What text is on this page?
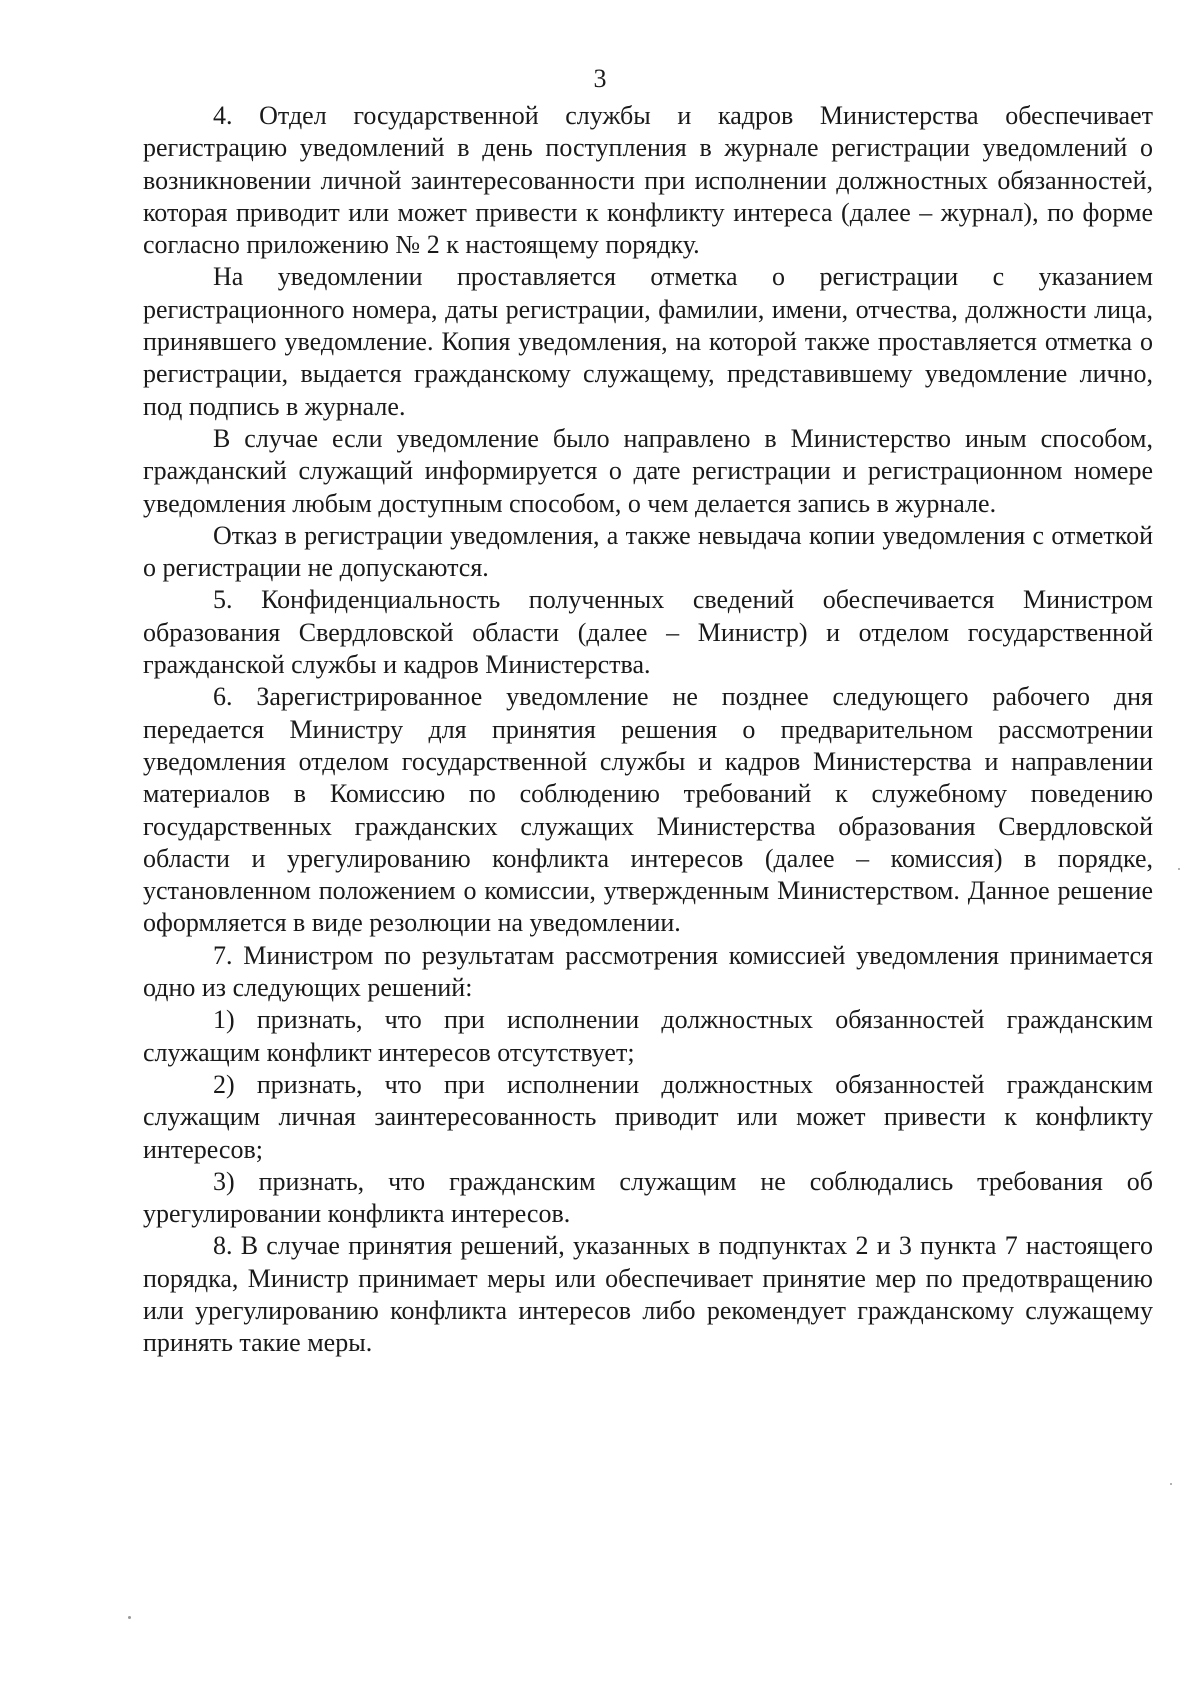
3

4. Отдел государственной службы и кадров Министерства обеспечивает регистрацию уведомлений в день поступления в журнале регистрации уведомлений о возникновении личной заинтересованности при исполнении должностных обязанностей, которая приводит или может привести к конфликту интереса (далее – журнал), по форме согласно приложению № 2 к настоящему порядку.

На уведомлении проставляется отметка о регистрации с указанием регистрационного номера, даты регистрации, фамилии, имени, отчества, должности лица, принявшего уведомление. Копия уведомления, на которой также проставляется отметка о регистрации, выдается гражданскому служащему, представившему уведомление лично, под подпись в журнале.

В случае если уведомление было направлено в Министерство иным способом, гражданский служащий информируется о дате регистрации и регистрационном номере уведомления любым доступным способом, о чем делается запись в журнале.

Отказ в регистрации уведомления, а также невыдача копии уведомления с отметкой о регистрации не допускаются.

5. Конфиденциальность полученных сведений обеспечивается Министром образования Свердловской области (далее – Министр) и отделом государственной гражданской службы и кадров Министерства.

6. Зарегистрированное уведомление не позднее следующего рабочего дня передается Министру для принятия решения о предварительном рассмотрении уведомления отделом государственной службы и кадров Министерства и направлении материалов в Комиссию по соблюдению требований к служебному поведению государственных гражданских служащих Министерства образования Свердловской области и урегулированию конфликта интересов (далее – комиссия) в порядке, установленном положением о комиссии, утвержденным Министерством. Данное решение оформляется в виде резолюции на уведомлении.

7. Министром по результатам рассмотрения комиссией уведомления принимается одно из следующих решений:

1) признать, что при исполнении должностных обязанностей гражданским служащим конфликт интересов отсутствует;

2) признать, что при исполнении должностных обязанностей гражданским служащим личная заинтересованность приводит или может привести к конфликту интересов;

3) признать, что гражданским служащим не соблюдались требования об урегулировании конфликта интересов.

8. В случае принятия решений, указанных в подпунктах 2 и 3 пункта 7 настоящего порядка, Министр принимает меры или обеспечивает принятие мер по предотвращению или урегулированию конфликта интересов либо рекомендует гражданскому служащему принять такие меры.
